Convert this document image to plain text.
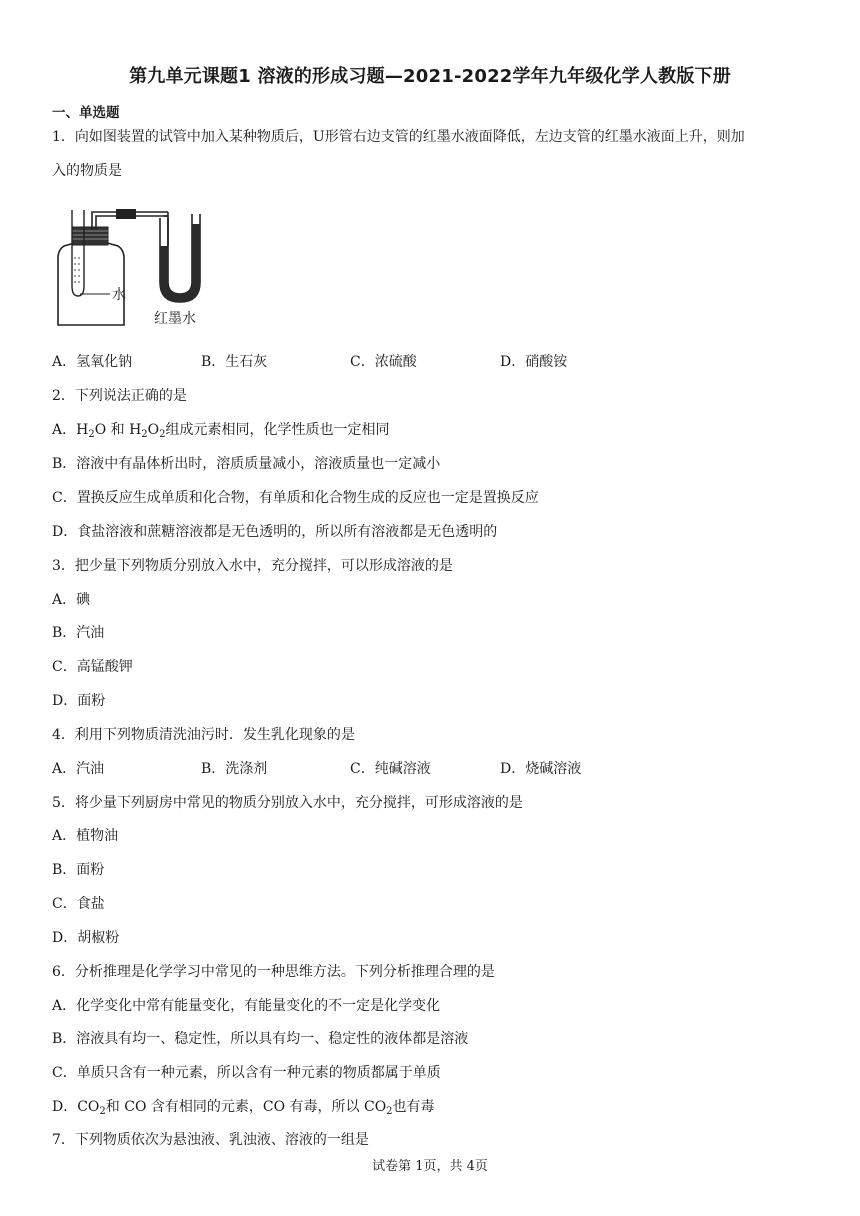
第九单元课题1 溶液的形成习题—2021-2022学年九年级化学人教版下册
一、单选题
1．向如图装置的试管中加入某种物质后，U形管右边支管的红墨水液面降低，左边支管的红墨水液面上升，则加
入的物质是
水
红墨水
A．氢氧化钠	B．生石灰	C．浓硫酸	D．硝酸铵
2．下列说法正确的是
A．$H_2O$ 和 $H_2O_2$组成元素相同，化学性质也一定相同
B．溶液中有晶体析出时，溶质质量减小，溶液质量也一定减小
C．置换反应生成单质和化合物，有单质和化合物生成的反应也一定是置换反应
D．食盐溶液和蔗糖溶液都是无色透明的，所以所有溶液都是无色透明的
3．把少量下列物质分别放入水中，充分搅拌，可以形成溶液的是
A．碘
B．汽油
C．高锰酸钾
D．面粉
4．利用下列物质清洗油污时．发生乳化现象的是
A．汽油	B．洗涤剂	C．纯碱溶液	D．烧碱溶液
5．将少量下列厨房中常见的物质分别放入水中，充分搅拌，可形成溶液的是
A．植物油
B．面粉
C．食盐
D．胡椒粉
6．分析推理是化学学习中常见的一种思维方法。下列分析推理合理的是
A．化学变化中常有能量变化，有能量变化的不一定是化学变化
B．溶液具有均一、稳定性，所以具有均一、稳定性的液体都是溶液
C．单质只含有一种元素，所以含有一种元素的物质都属于单质
D．$CO_2$和 CO 含有相同的元素，CO 有毒，所以 $CO_2$也有毒
7．下列物质依次为悬浊液、乳浊液、溶液的一组是
试卷第 1页，共 4页
